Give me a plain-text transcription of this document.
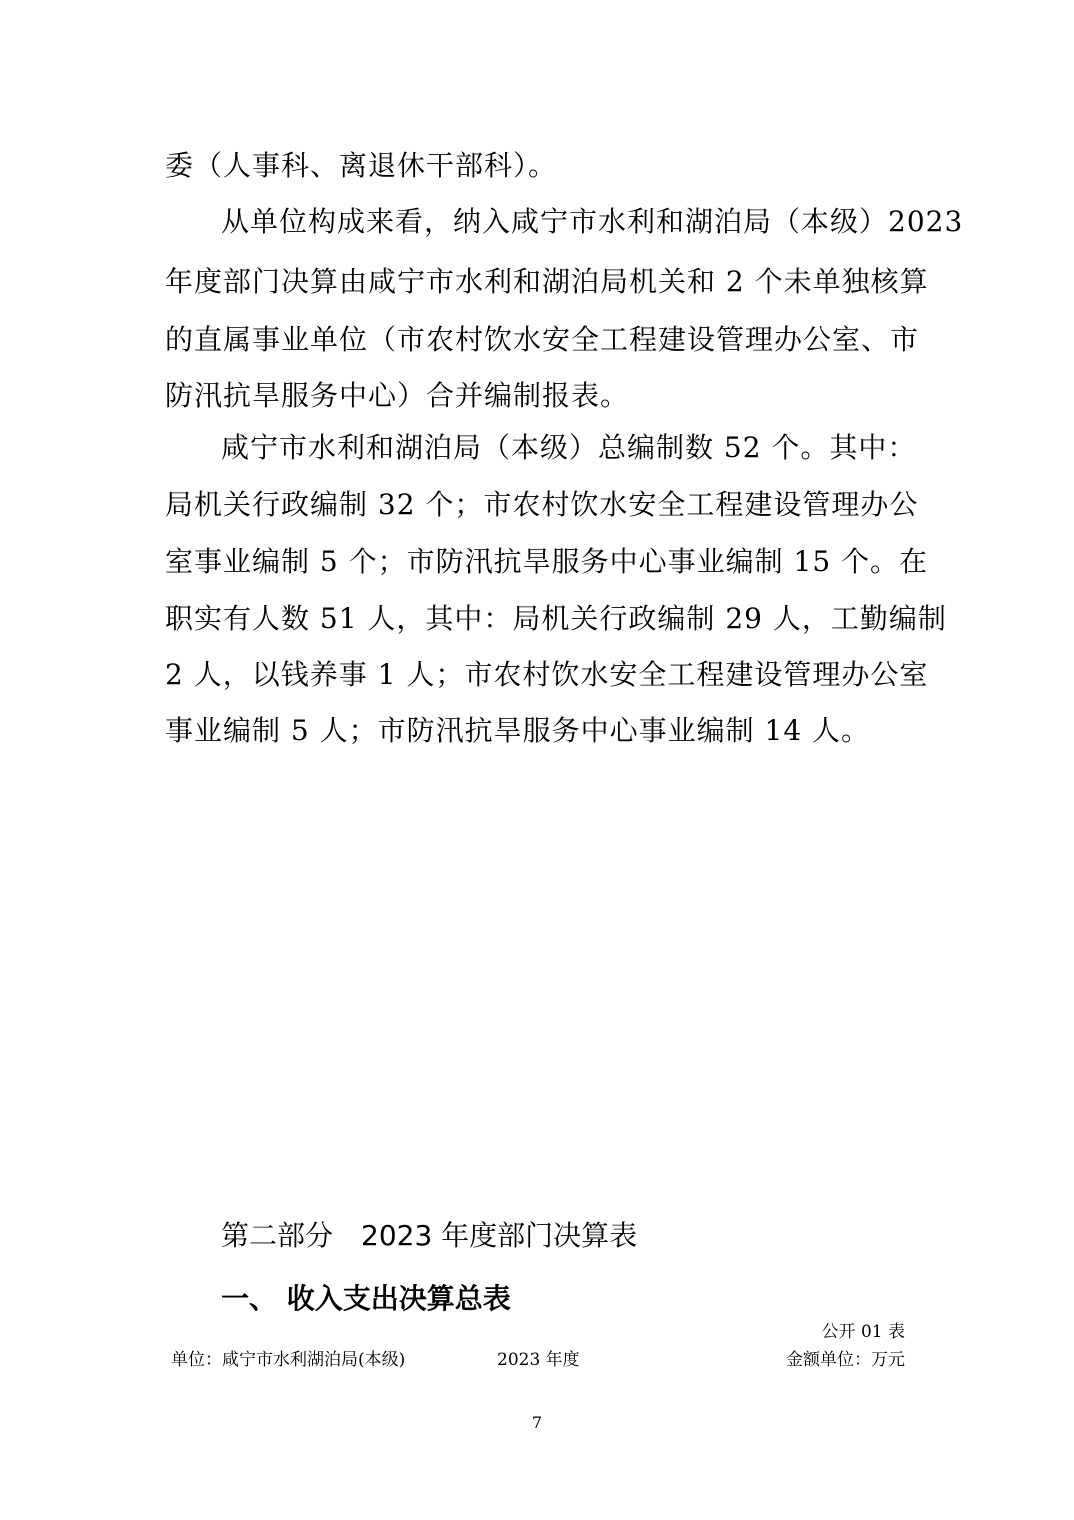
委（人事科、离退休干部科）。
从单位构成来看，纳入咸宁市水利和湖泊局（本级）2023
年度部门决算由咸宁市水利和湖泊局机关和 2 个未单独核算
的直属事业单位（市农村饮水安全工程建设管理办公室、市
防汛抗旱服务中心）合并编制报表。
咸宁市水利和湖泊局（本级）总编制数 52 个。其中：
局机关行政编制 32 个；市农村饮水安全工程建设管理办公
室事业编制 5 个；市防汛抗旱服务中心事业编制 15 个。在
职实有人数 51 人，其中：局机关行政编制 29 人，工勤编制
2 人，以钱养事 1 人；市农村饮水安全工程建设管理办公室
事业编制 5 人；市防汛抗旱服务中心事业编制 14 人。
第二部分　2023 年度部门决算表
一、 收入支出决算总表
公开 01 表
单位：咸宁市水利湖泊局(本级)	2023 年度	金额单位：万元
7
